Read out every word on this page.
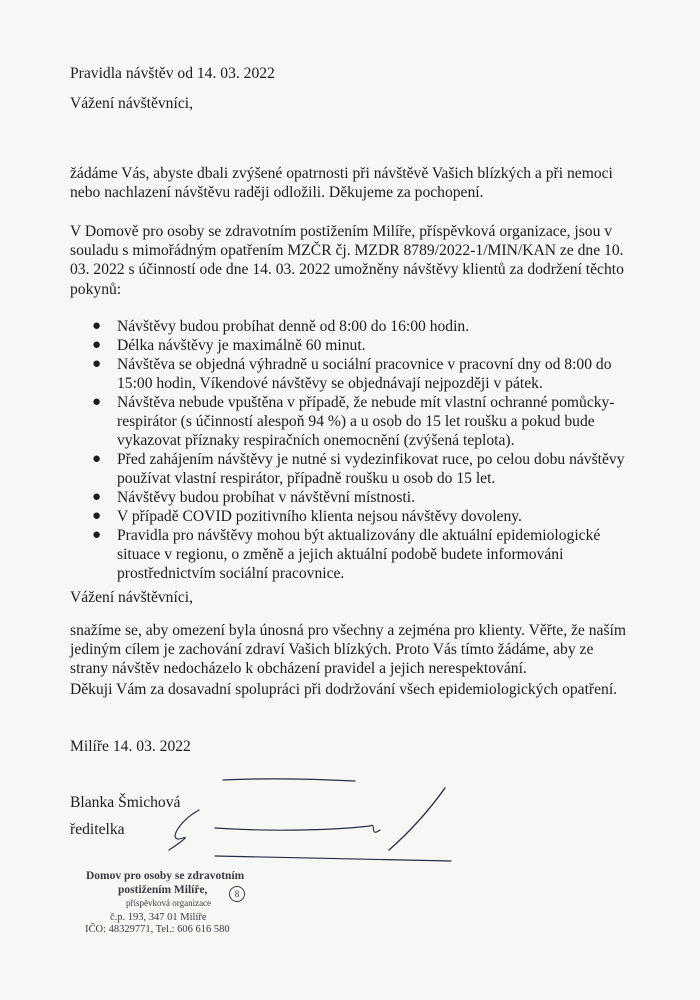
Pravidla návštěv od 14. 03. 2022
Vážení návštěvníci,
žádáme Vás, abyste dbali zvýšené opatrnosti při návštěvě Vašich blízkých a při nemoci nebo nachlazení návštěvu raději odložili. Děkujeme za pochopení.
V Domově pro osoby se zdravotním postižením Milíře, příspěvková organizace, jsou v souladu s mimořádným opatřením MZČR čj. MZDR 8789/2022-1/MIN/KAN ze dne 10. 03. 2022 s účinností ode dne 14. 03. 2022 umožněny návštěvy klientů za dodržení těchto pokynů:
● Návštěvy budou probíhat denně od 8:00 do 16:00 hodin.
● Délka návštěvy je maximálně 60 minut.
● Návštěva se objedná výhradně u sociální pracovnice v pracovní dny od 8:00 do 15:00 hodin, Víkendové návštěvy se objednávají nejpozději v pátek.
● Návštěva nebude vpuštěna v případě, že nebude mít vlastní ochranné pomůcky-respirátor (s účinností alespoň 94 %) a u osob do 15 let roušku a pokud bude vykazovat příznaky respiračních onemocnění (zvýšená teplota).
● Před zahájením návštěvy je nutné si vydezinfikovat ruce, po celou dobu návštěvy používat vlastní respirátor, případně roušku u osob do 15 let.
● Návštěvy budou probíhat v návštěvní místnosti.
● V případě COVID pozitivního klienta nejsou návštěvy dovoleny.
● Pravidla pro návštěvy mohou být aktualizovány dle aktuální epidemiologické situace v regionu, o změně a jejich aktuální podobě budete informováni prostřednictvím sociální pracovnice.
Vážení návštěvníci,
snažíme se, aby omezení byla únosná pro všechny a zejména pro klienty. Věřte, že naším jediným cílem je zachování zdraví Vašich blízkých. Proto Vás tímto žádáme, aby ze strany návštěv nedocházelo k obcházení pravidel a jejich nerespektování.
Děkuji Vám za dosavadní spolupráci při dodržování všech epidemiologických opatření.
Milíře 14. 03. 2022
Blanka Šmichová
ředitelka
Domov pro osoby se zdravotním
postižením Milíře,	8
příspěvková organizace
č.p. 193, 347 01 Milíře
IČO: 48329771, Tel.: 606 616 580
